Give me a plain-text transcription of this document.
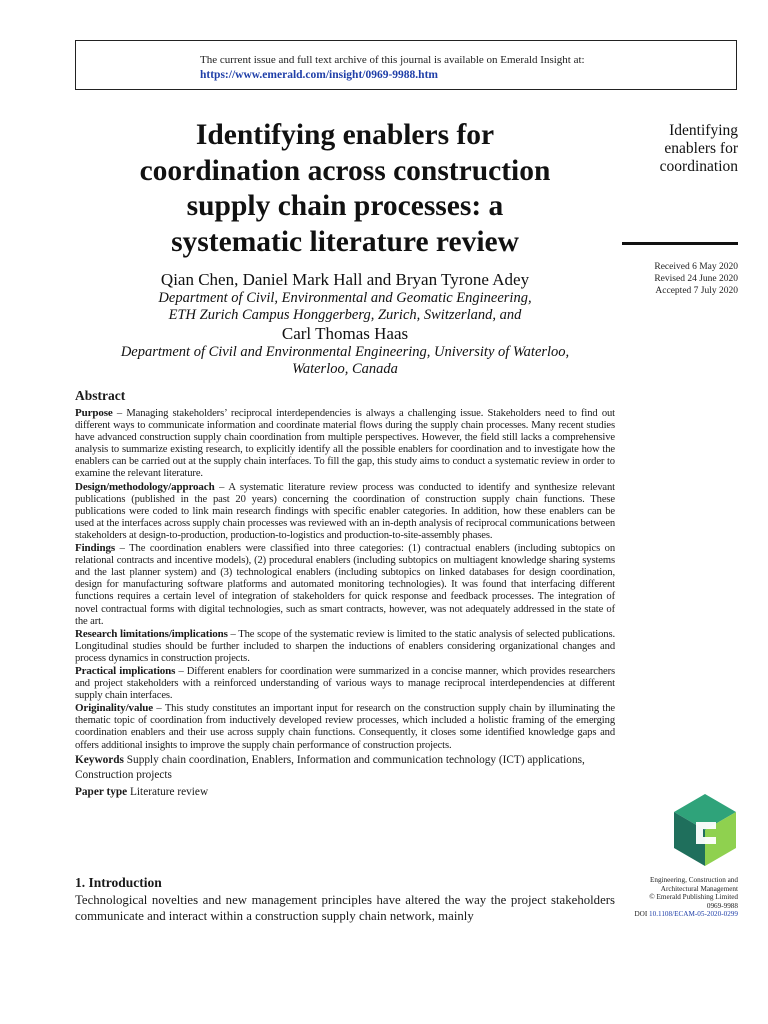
The current issue and full text archive of this journal is available on Emerald Insight at:
https://www.emerald.com/insight/0969-9988.htm
Identifying enablers for
coordination across construction
supply chain processes: a
systematic literature review
Qian Chen, Daniel Mark Hall and Bryan Tyrone Adey
Department of Civil, Environmental and Geomatic Engineering,
ETH Zurich Campus Honggerberg, Zurich, Switzerland, and
Carl Thomas Haas
Department of Civil and Environmental Engineering, University of Waterloo,
Waterloo, Canada
Identifying
enablers for
coordination
Received 6 May 2020
Revised 24 June 2020
Accepted 7 July 2020
Abstract

Purpose – Managing stakeholders’ reciprocal interdependencies is always a challenging issue. Stakeholders need to find out different ways to communicate information and coordinate material flows during the supply chain processes. Many recent studies have advanced construction supply chain coordination from multiple perspectives. However, the field still lacks a comprehensive analysis to summarize existing research, to explicitly identify all the possible enablers for coordination and to investigate how the enablers can be carried out at the supply chain interfaces. To fill the gap, this study aims to conduct a systematic review in order to examine the relevant literature.

Design/methodology/approach – A systematic literature review process was conducted to identify and synthesize relevant publications (published in the past 20 years) concerning the coordination of construction supply chain functions. These publications were coded to link main research findings with specific enabler categories. In addition, how these enablers can be used at the interfaces across supply chain processes was reviewed with an in-depth analysis of reciprocal communications between stakeholders at design-to-production, production-to-logistics and production-to-site-assembly phases.

Findings – The coordination enablers were classified into three categories: (1) contractual enablers (including subtopics on relational contracts and incentive models), (2) procedural enablers (including subtopics on multiagent knowledge sharing systems and the last planner system) and (3) technological enablers (including subtopics on linked databases for design coordination, design for manufacturing software platforms and automated monitoring technologies). It was found that interfacing different functions requires a certain level of integration of stakeholders for quick response and feedback processes. The integration of novel contractual forms with digital technologies, such as smart contracts, however, was not adequately addressed in the state of the art.

Research limitations/implications – The scope of the systematic review is limited to the static analysis of selected publications. Longitudinal studies should be further included to sharpen the inductions of enablers considering organizational changes and process dynamics in construction projects.

Practical implications – Different enablers for coordination were summarized in a concise manner, which provides researchers and project stakeholders with a reinforced understanding of various ways to manage reciprocal interdependencies at different supply chain interfaces.

Originality/value – This study constitutes an important input for research on the construction supply chain by illuminating the thematic topic of coordination from inductively developed review processes, which included a holistic framing of the emerging coordination enablers and their use across supply chain functions. Consequently, it closes some identified knowledge gaps and offers additional insights to improve the supply chain performance of construction projects.

Keywords Supply chain coordination, Enablers, Information and communication technology (ICT) applications, Construction projects
Paper type Literature review
1. Introduction

Technological novelties and new management principles have altered the way the project stakeholders communicate and interact within a construction supply chain network, mainly

Engineering, Construction and
Architectural Management
© Emerald Publishing Limited
0969-9988
DOI 10.1108/ECAM-05-2020-0299
